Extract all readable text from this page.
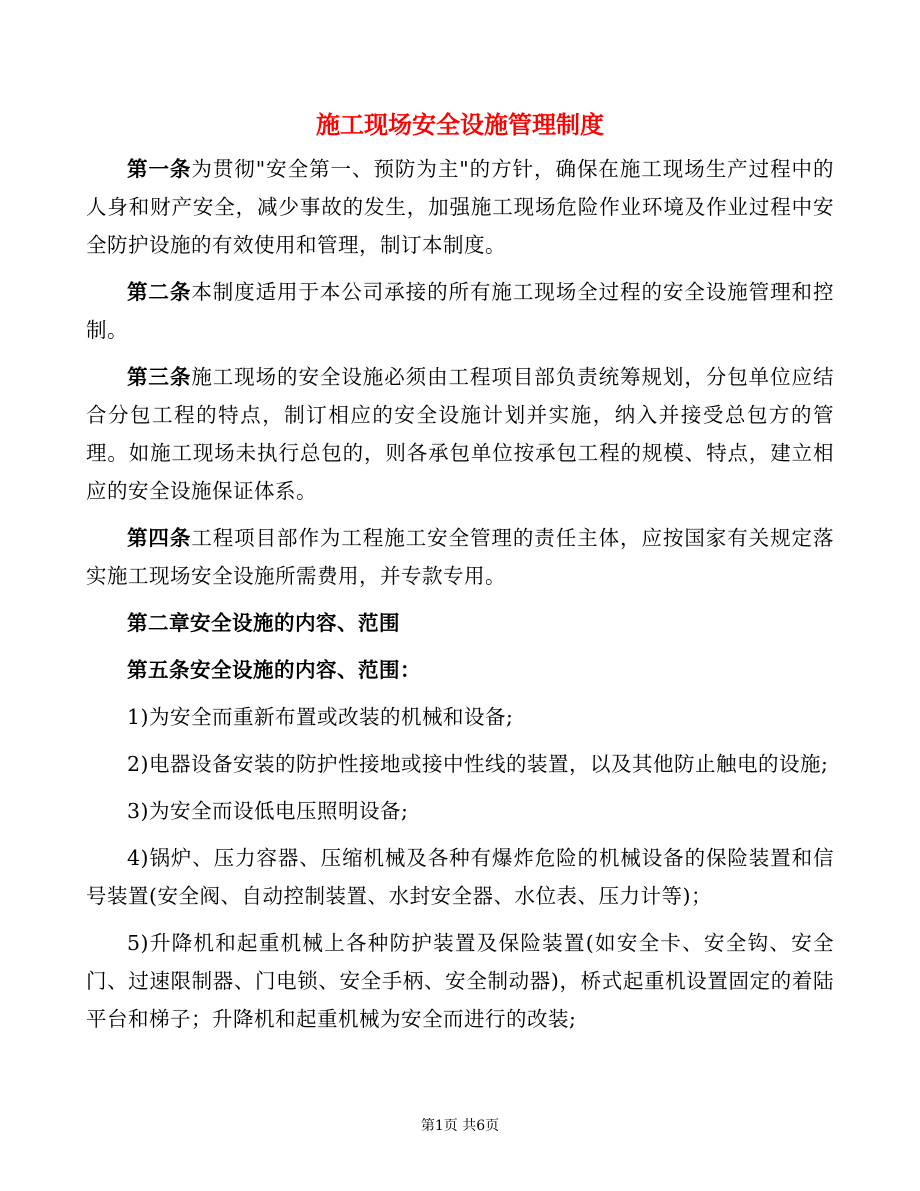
施工现场安全设施管理制度

第一条为贯彻"安全第一、预防为主"的方针，确保在施工现场生产过程中的人身和财产安全，减少事故的发生，加强施工现场危险作业环境及作业过程中安全防护设施的有效使用和管理，制订本制度。

第二条本制度适用于本公司承接的所有施工现场全过程的安全设施管理和控制。

第三条施工现场的安全设施必须由工程项目部负责统筹规划，分包单位应结合分包工程的特点，制订相应的安全设施计划并实施，纳入并接受总包方的管理。如施工现场未执行总包的，则各承包单位按承包工程的规模、特点，建立相应的安全设施保证体系。

第四条工程项目部作为工程施工安全管理的责任主体，应按国家有关规定落实施工现场安全设施所需费用，并专款专用。

第二章安全设施的内容、范围

第五条安全设施的内容、范围：

1)为安全而重新布置或改装的机械和设备;

2)电器设备安装的防护性接地或接中性线的装置，以及其他防止触电的设施;

3)为安全而设低电压照明设备;

4)锅炉、压力容器、压缩机械及各种有爆炸危险的机械设备的保险装置和信号装置(安全阀、自动控制装置、水封安全器、水位表、压力计等)；

5)升降机和起重机械上各种防护装置及保险装置(如安全卡、安全钩、安全门、过速限制器、门电锁、安全手柄、安全制动器)，桥式起重机设置固定的着陆平台和梯子；升降机和起重机械为安全而进行的改装;

第1页 共6页
